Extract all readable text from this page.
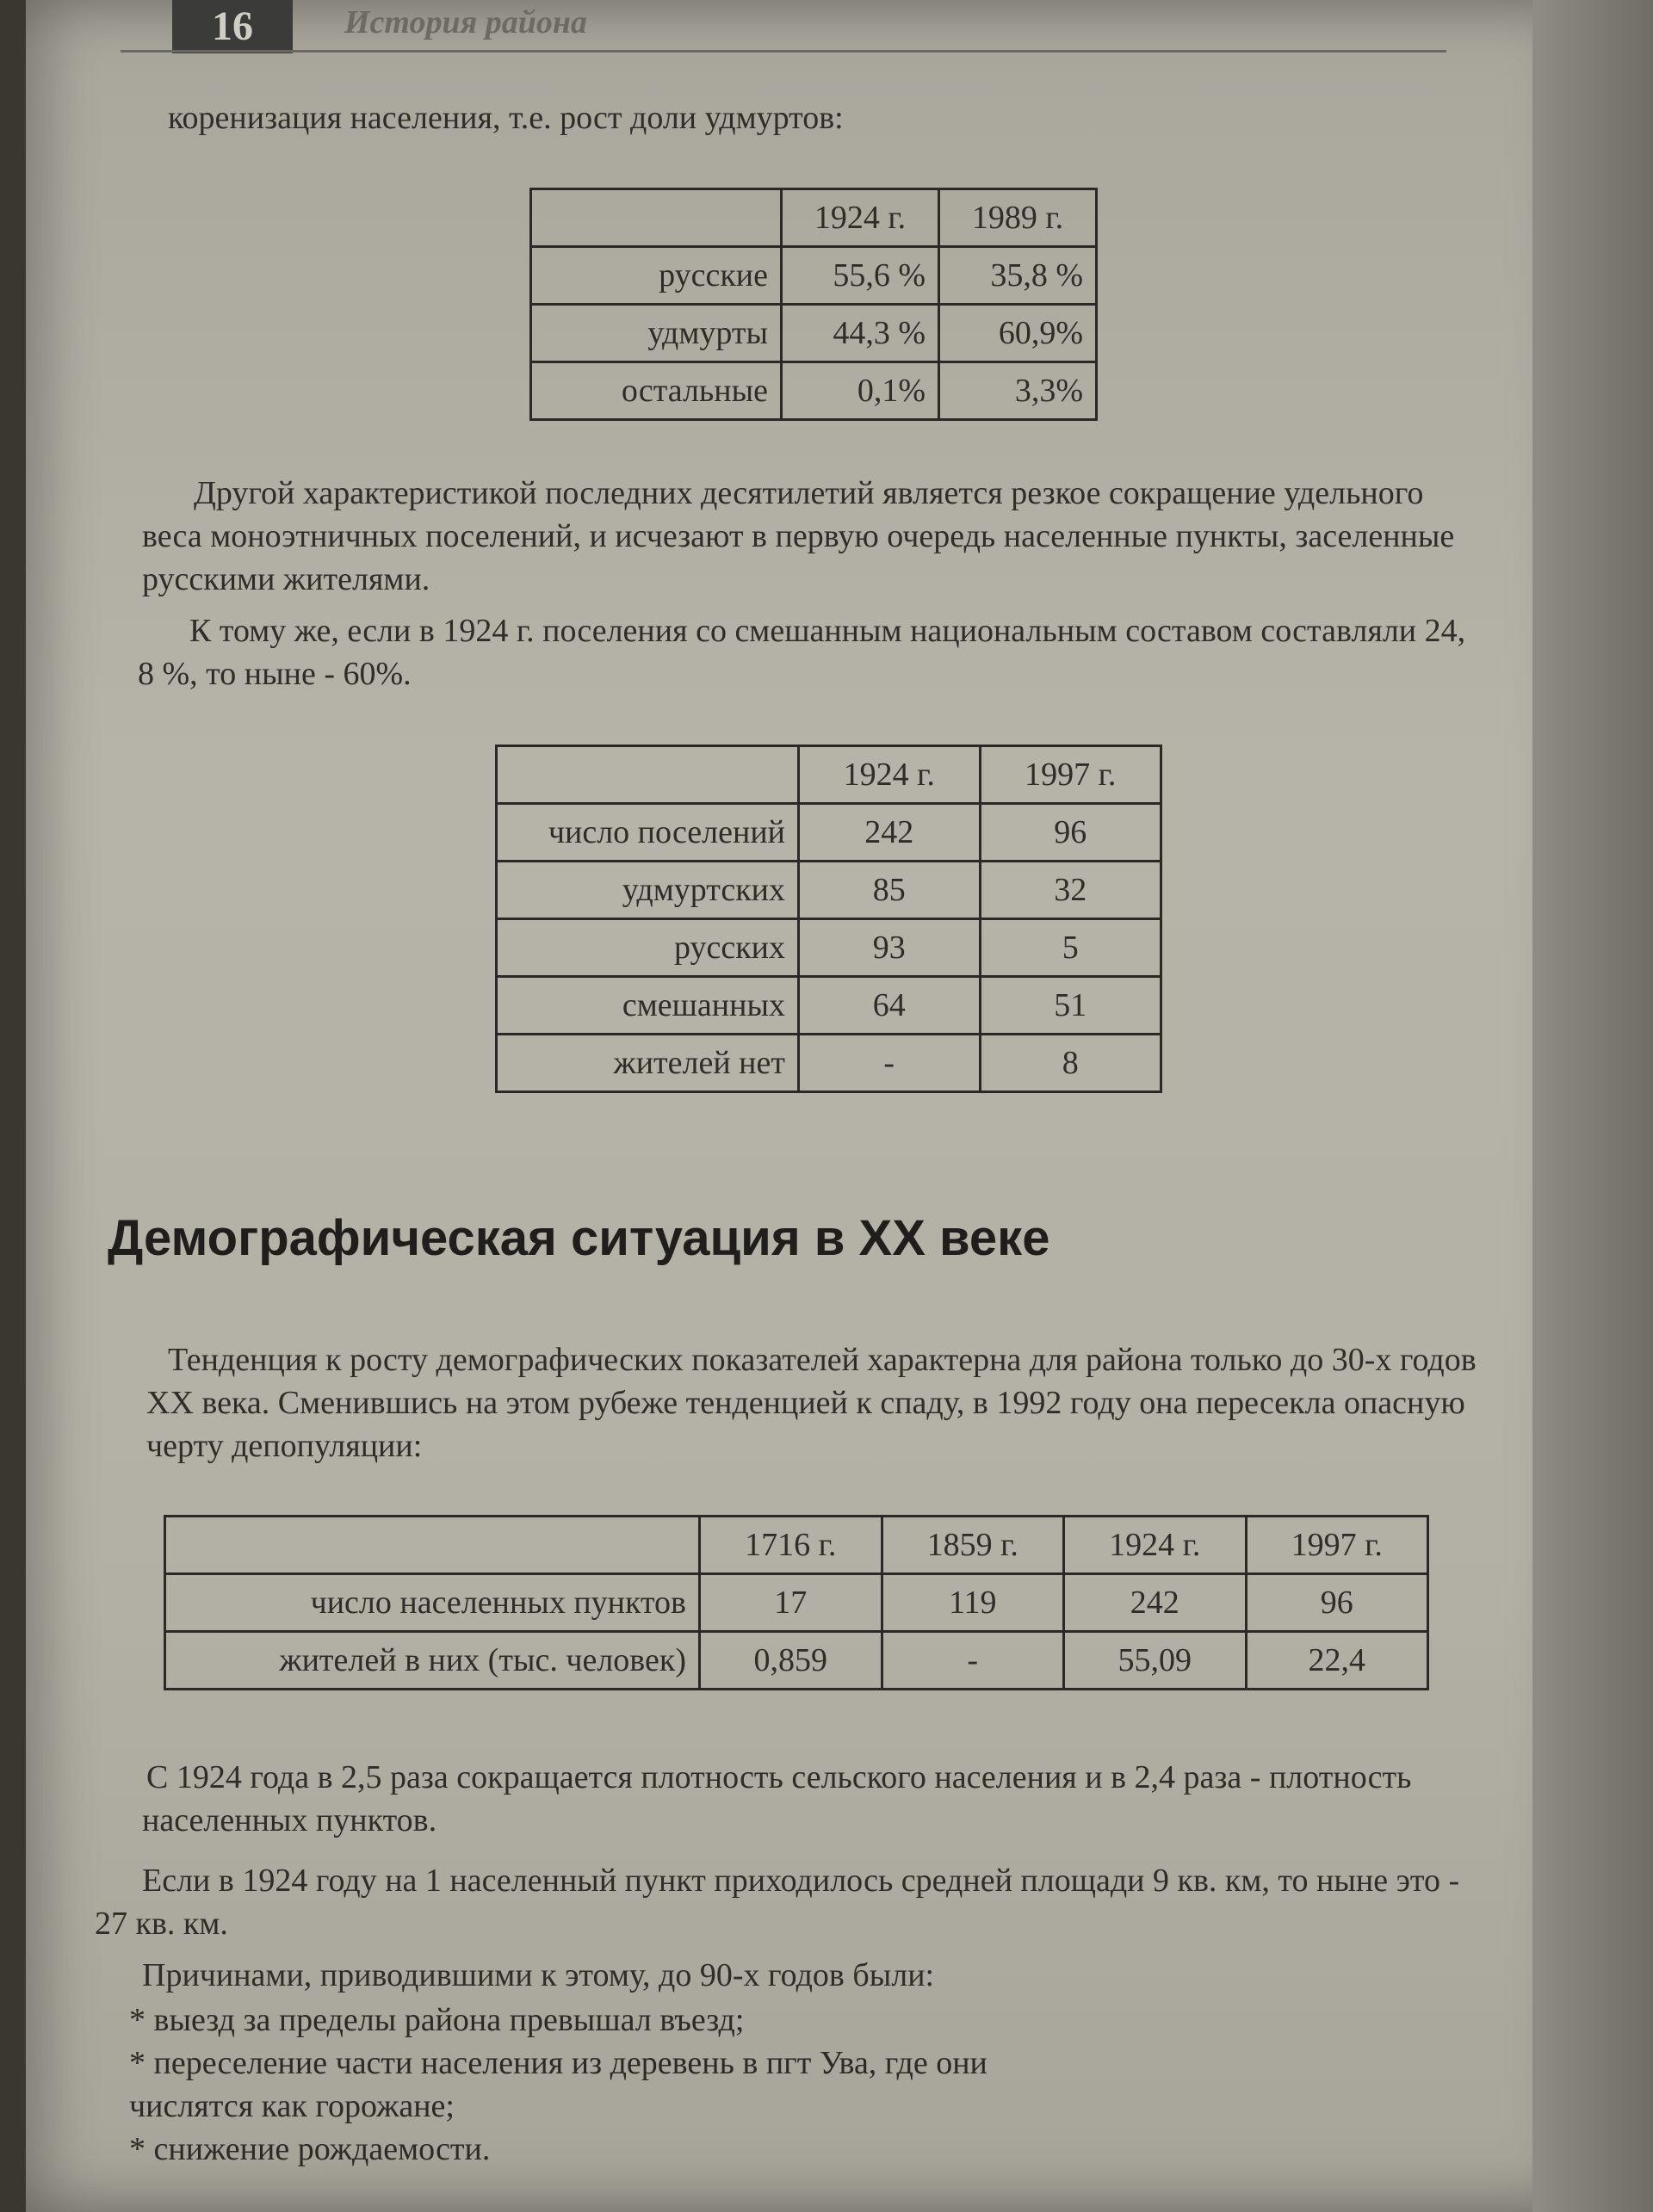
16	История района
коренизация населения, т.е. рост доли удмуртов:
	1924 г.	1989 г.
русские	55,6 %	35,8 %
удмурты	44,3 %	60,9%
остальные	0,1%	3,3%
Другой характеристикой последних десятилетий является резкое сокращение удельного веса моноэтничных поселений, и исчезают в первую очередь населенные пункты, заселенные русскими жителями.
К тому же, если в 1924 г. поселения со смешанным национальным составом составляли 24, 8 %, то ныне - 60%.
	1924 г.	1997 г.
число поселений	242	96
удмуртских	85	32
русских	93	5
смешанных	64	51
жителей нет	-	8
Демографическая ситуация в XX веке
Тенденция к росту демографических показателей характерна для района только до 30-х годов XX века. Сменившись на этом рубеже тенденцией к спаду, в 1992 году она пересекла опасную черту депопуляции:
	1716 г.	1859 г.	1924 г.	1997 г.
число населенных пунктов	17	119	242	96
жителей в них (тыс. человек)	0,859	-	55,09	22,4
С 1924 года в 2,5 раза сокращается плотность сельского населения и в 2,4 раза - плотность населенных пунктов.
Если в 1924 году на 1 населенный пункт приходилось средней площади 9 кв. км, то ныне это - 27 кв. км.
Причинами, приводившими к этому, до 90-х годов были:
* выезд за пределы района превышал въезд;
* переселение части населения из деревень в пгт Ува, где они числятся как горожане;
* снижение рождаемости.
